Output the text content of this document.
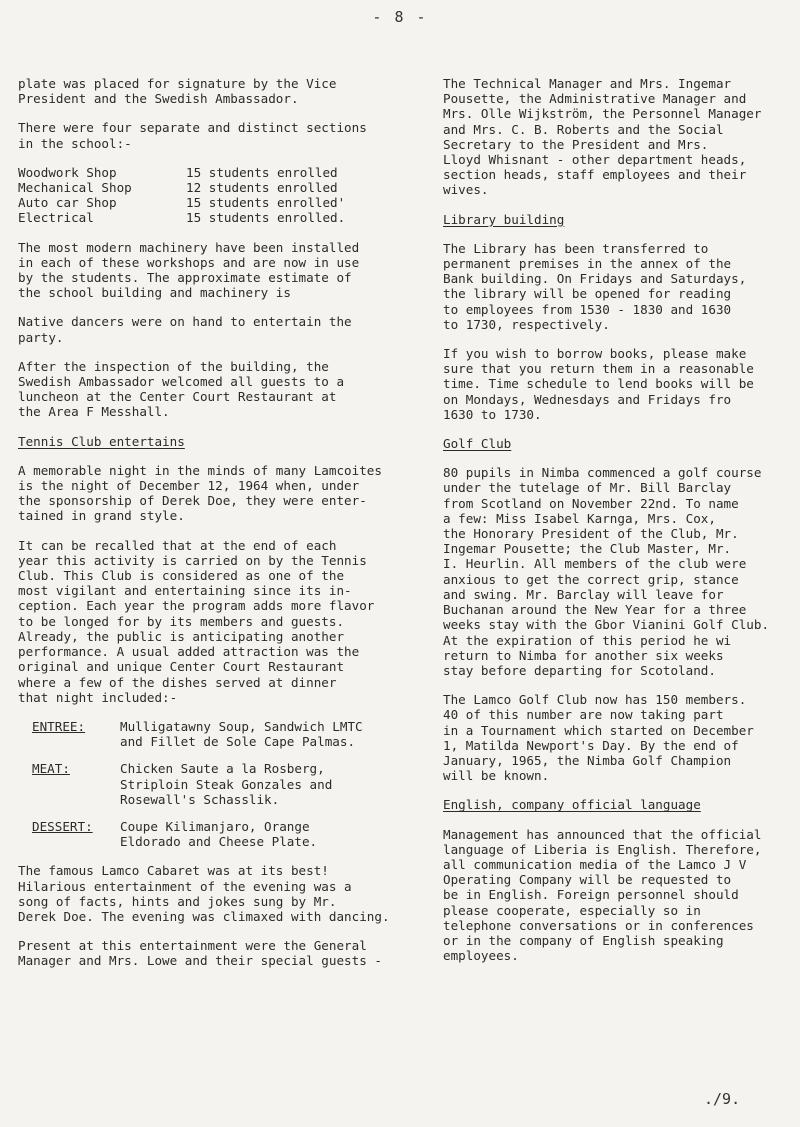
- 8 -

plate was placed for signature by the Vice
President and the Swedish Ambassador.

There were four separate and distinct sections
in the school:-

Woodwork Shop	15 students enrolled
Mechanical Shop	12 students enrolled
Auto car Shop	15 students enrolled'
Electrical	15 students enrolled.

The most modern machinery have been installed
in each of these workshops and are now in use
by the students. The approximate estimate of
the school building and machinery is

Native dancers were on hand to entertain the
party.

After the inspection of the building, the
Swedish Ambassador welcomed all guests to a
luncheon at the Center Court Restaurant at
the Area F Messhall.

Tennis Club entertains

A memorable night in the minds of many Lamcoites
is the night of December 12, 1964 when, under
the sponsorship of Derek Doe, they were enter-
tained in grand style.

It can be recalled that at the end of each
year this activity is carried on by the Tennis
Club. This Club is considered as one of the
most vigilant and entertaining since its in-
ception. Each year the program adds more flavor
to be longed for by its members and guests.
Already, the public is anticipating another
performance. A usual added attraction was the
original and unique Center Court Restaurant
where a few of the dishes served at dinner
that night included:-

ENTREE:	Mulligatawny Soup, Sandwich LMTC
and Fillet de Sole Cape Palmas.
MEAT:	Chicken Saute a la Rosberg,
Striploin Steak Gonzales and
Rosewall's Schasslik.
DESSERT:	Coupe Kilimanjaro, Orange
Eldorado and Cheese Plate.

The famous Lamco Cabaret was at its best!
Hilarious entertainment of the evening was a
song of facts, hints and jokes sung by Mr.
Derek Doe. The evening was climaxed with dancing.

Present at this entertainment were the General
Manager and Mrs. Lowe and their special guests -

The Technical Manager and Mrs. Ingemar
Pousette, the Administrative Manager and
Mrs. Olle Wijkström, the Personnel Manager
and Mrs. C. B. Roberts and the Social
Secretary to the President and Mrs.
Lloyd Whisnant - other department heads,
section heads, staff employees and their
wives.

Library building

The Library has been transferred to
permanent premises in the annex of the
Bank building. On Fridays and Saturdays,
the library will be opened for reading
to employees from 1530 - 1830 and 1630
to 1730, respectively.

If you wish to borrow books, please make
sure that you return them in a reasonable
time. Time schedule to lend books will be
on Mondays, Wednesdays and Fridays fro
1630 to 1730.

Golf Club

80 pupils in Nimba commenced a golf course
under the tutelage of Mr. Bill Barclay
from Scotland on November 22nd. To name
a few: Miss Isabel Karnga, Mrs. Cox,
the Honorary President of the Club, Mr.
Ingemar Pousette; the Club Master, Mr.
I. Heurlin. All members of the club were
anxious to get the correct grip, stance
and swing. Mr. Barclay will leave for
Buchanan around the New Year for a three
weeks stay with the Gbor Vianini Golf Club.
At the expiration of this period he wi
return to Nimba for another six weeks
stay before departing for Scotoland.

The Lamco Golf Club now has 150 members.
40 of this number are now taking part
in a Tournament which started on December
1, Matilda Newport's Day. By the end of
January, 1965, the Nimba Golf Champion
will be known.

English, company official language

Management has announced that the official
language of Liberia is English. Therefore,
all communication media of the Lamco J V
Operating Company will be requested to
be in English. Foreign personnel should
please cooperate, especially so in
telephone conversations or in conferences
or in the company of English speaking
employees.

./9.
